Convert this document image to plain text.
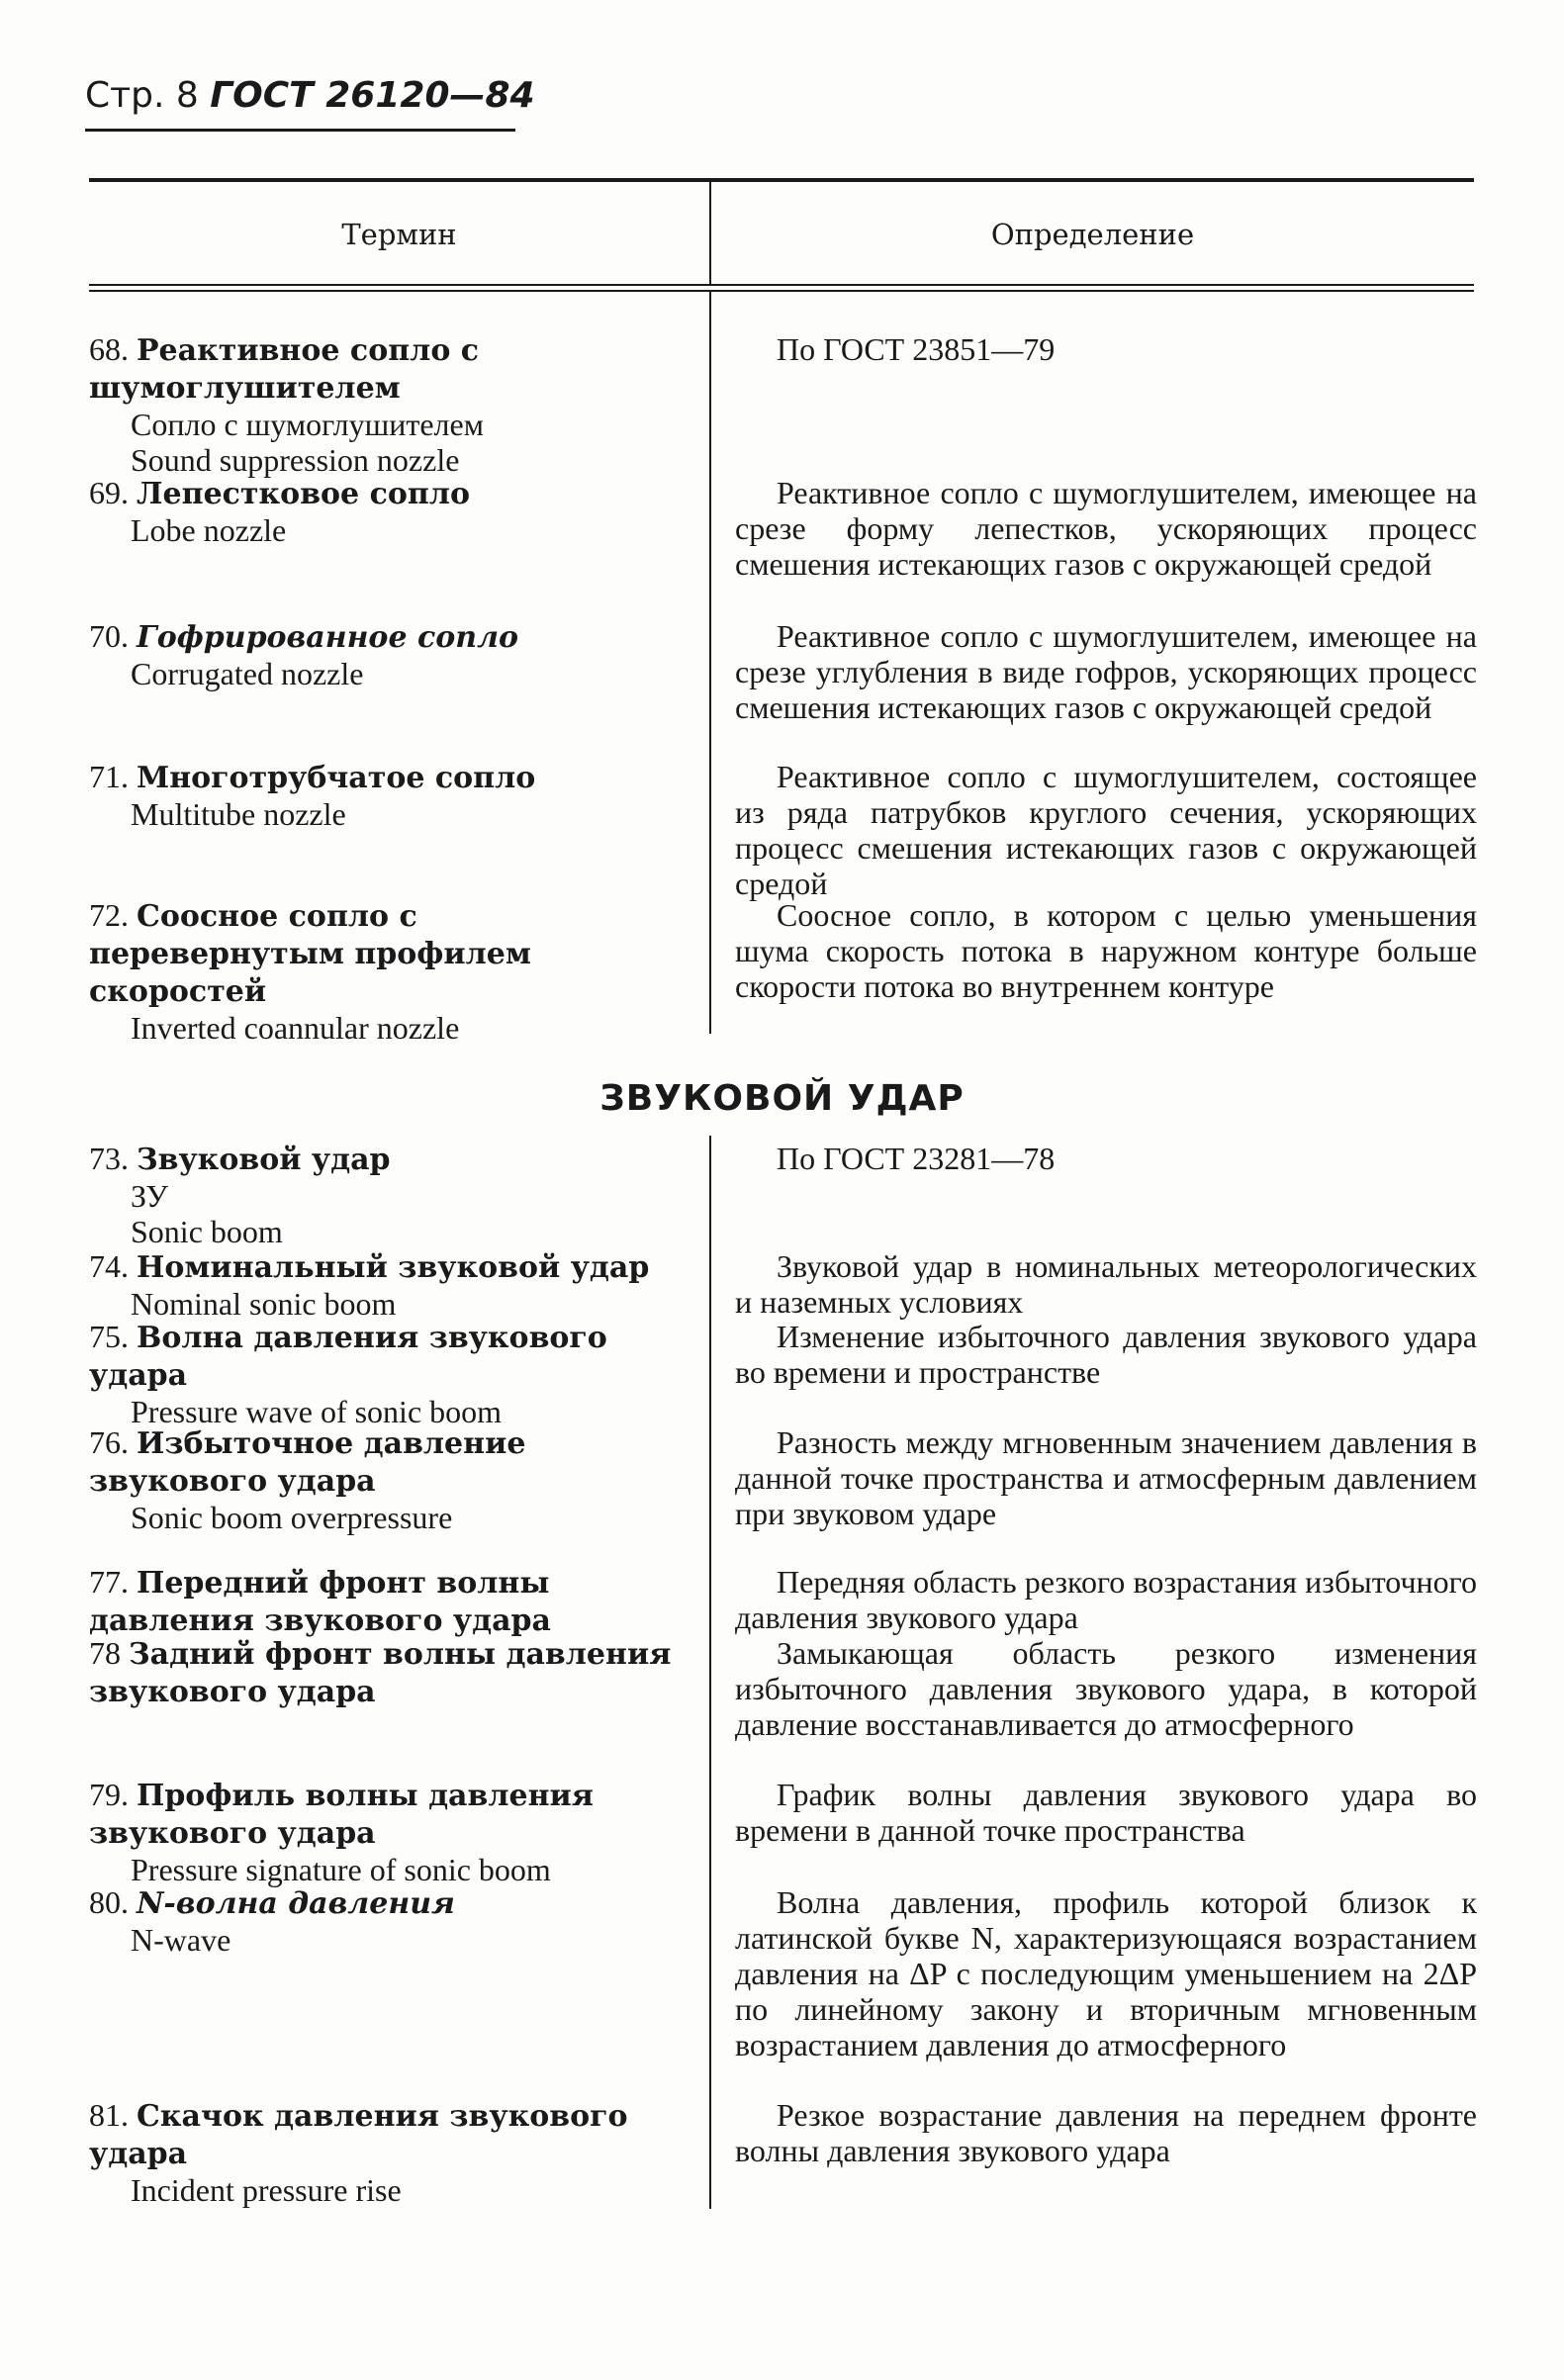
Стр. 8 ГОСТ 26120—84
Термин	Определение
68. Реактивное сопло с шумоглушителем
Сопло с шумоглушителем
Sound suppression nozzle
По ГОСТ 23851—79
69. Лепестковое сопло
Lobe nozzle
Реактивное сопло с шумоглушителем, имеющее на срезе форму лепестков, ускоряющих процесс смешения истекающих газов с окружающей средой
70. Гофрированное сопло
Corrugated nozzle
Реактивное сопло с шумоглушителем, имеющее на срезе углубления в виде гофров, ускоряющих процесс смешения истекающих газов с окружающей средой
71. Многотрубчатое сопло
Multitube nozzle
Реактивное сопло с шумоглушителем, состоящее из ряда патрубков круглого сечения, ускоряющих процесс смешения истекающих газов с окружающей средой
72. Соосное сопло с перевернутым профилем скоростей
Inverted coannular nozzle
Соосное сопло, в котором с целью уменьшения шума скорость потока в наружном контуре больше скорости потока во внутреннем контуре
ЗВУКОВОЙ УДАР
73. Звуковой удар
ЗУ
Sonic boom
По ГОСТ 23281—78
74. Номинальный звуковой удар
Nominal sonic boom
Звуковой удар в номинальных метеорологических и наземных условиях
75. Волна давления звукового удара
Pressure wave of sonic boom
Изменение избыточного давления звукового удара во времени и пространстве
76. Избыточное давление звукового удара
Sonic boom overpressure
Разность между мгновенным значением давления в данной точке пространства и атмосферным давлением при звуковом ударе
77. Передний фронт волны давления звукового удара
Передняя область резкого возрастания избыточного давления звукового удара
78 Задний фронт волны давления звукового удара
Замыкающая область резкого изменения избыточного давления звукового удара, в которой давление восстанавливается до атмосферного
79. Профиль волны давления звукового удара
Pressure signature of sonic boom
График волны давления звукового удара во времени в данной точке пространства
80. N-волна давления
N-wave
Волна давления, профиль которой близок к латинской букве N, характеризующаяся возрастанием давления на ΔP с последующим уменьшением на 2ΔP по линейному закону и вторичным мгновенным возрастанием давления до атмосферного
81. Скачок давления звукового удара
Incident pressure rise
Резкое возрастание давления на переднем фронте волны давления звукового удара
